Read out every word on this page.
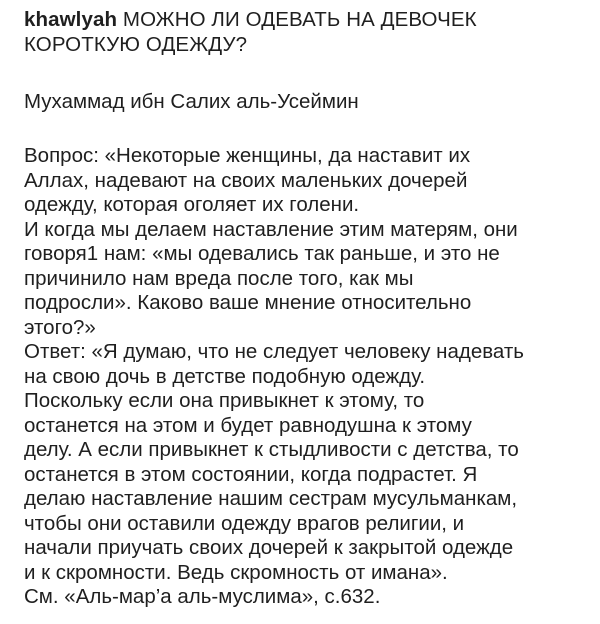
khawlyah МОЖНО ЛИ ОДЕВАТЬ НА ДЕВОЧЕК
КОРОТКУЮ ОДЕЖДУ?
Мухаммад ибн Салих аль-Усеймин
Вопрос: «Некоторые женщины, да наставит их
Аллах, надевают на своих маленьких дочерей
одежду, которая оголяет их голени.
И когда мы делаем наставление этим матерям, они
говоря1 нам: «мы одевались так раньше, и это не
причинило нам вреда после того, как мы
подросли». Каково ваше мнение относительно
этого?»
Ответ: «Я думаю, что не следует человеку надевать
на свою дочь в детстве подобную одежду.
Поскольку если она привыкнет к этому, то
останется на этом и будет равнодушна к этому
делу. А если привыкнет к стыдливости с детства, то
останется в этом состоянии, когда подрастет. Я
делаю наставление нашим сестрам мусульманкам,
чтобы они оставили одежду врагов религии, и
начали приучать своих дочерей к закрытой одежде
и к скромности. Ведь скромность от имана».
См. «Аль-мар’а аль-муслима», с.632.
